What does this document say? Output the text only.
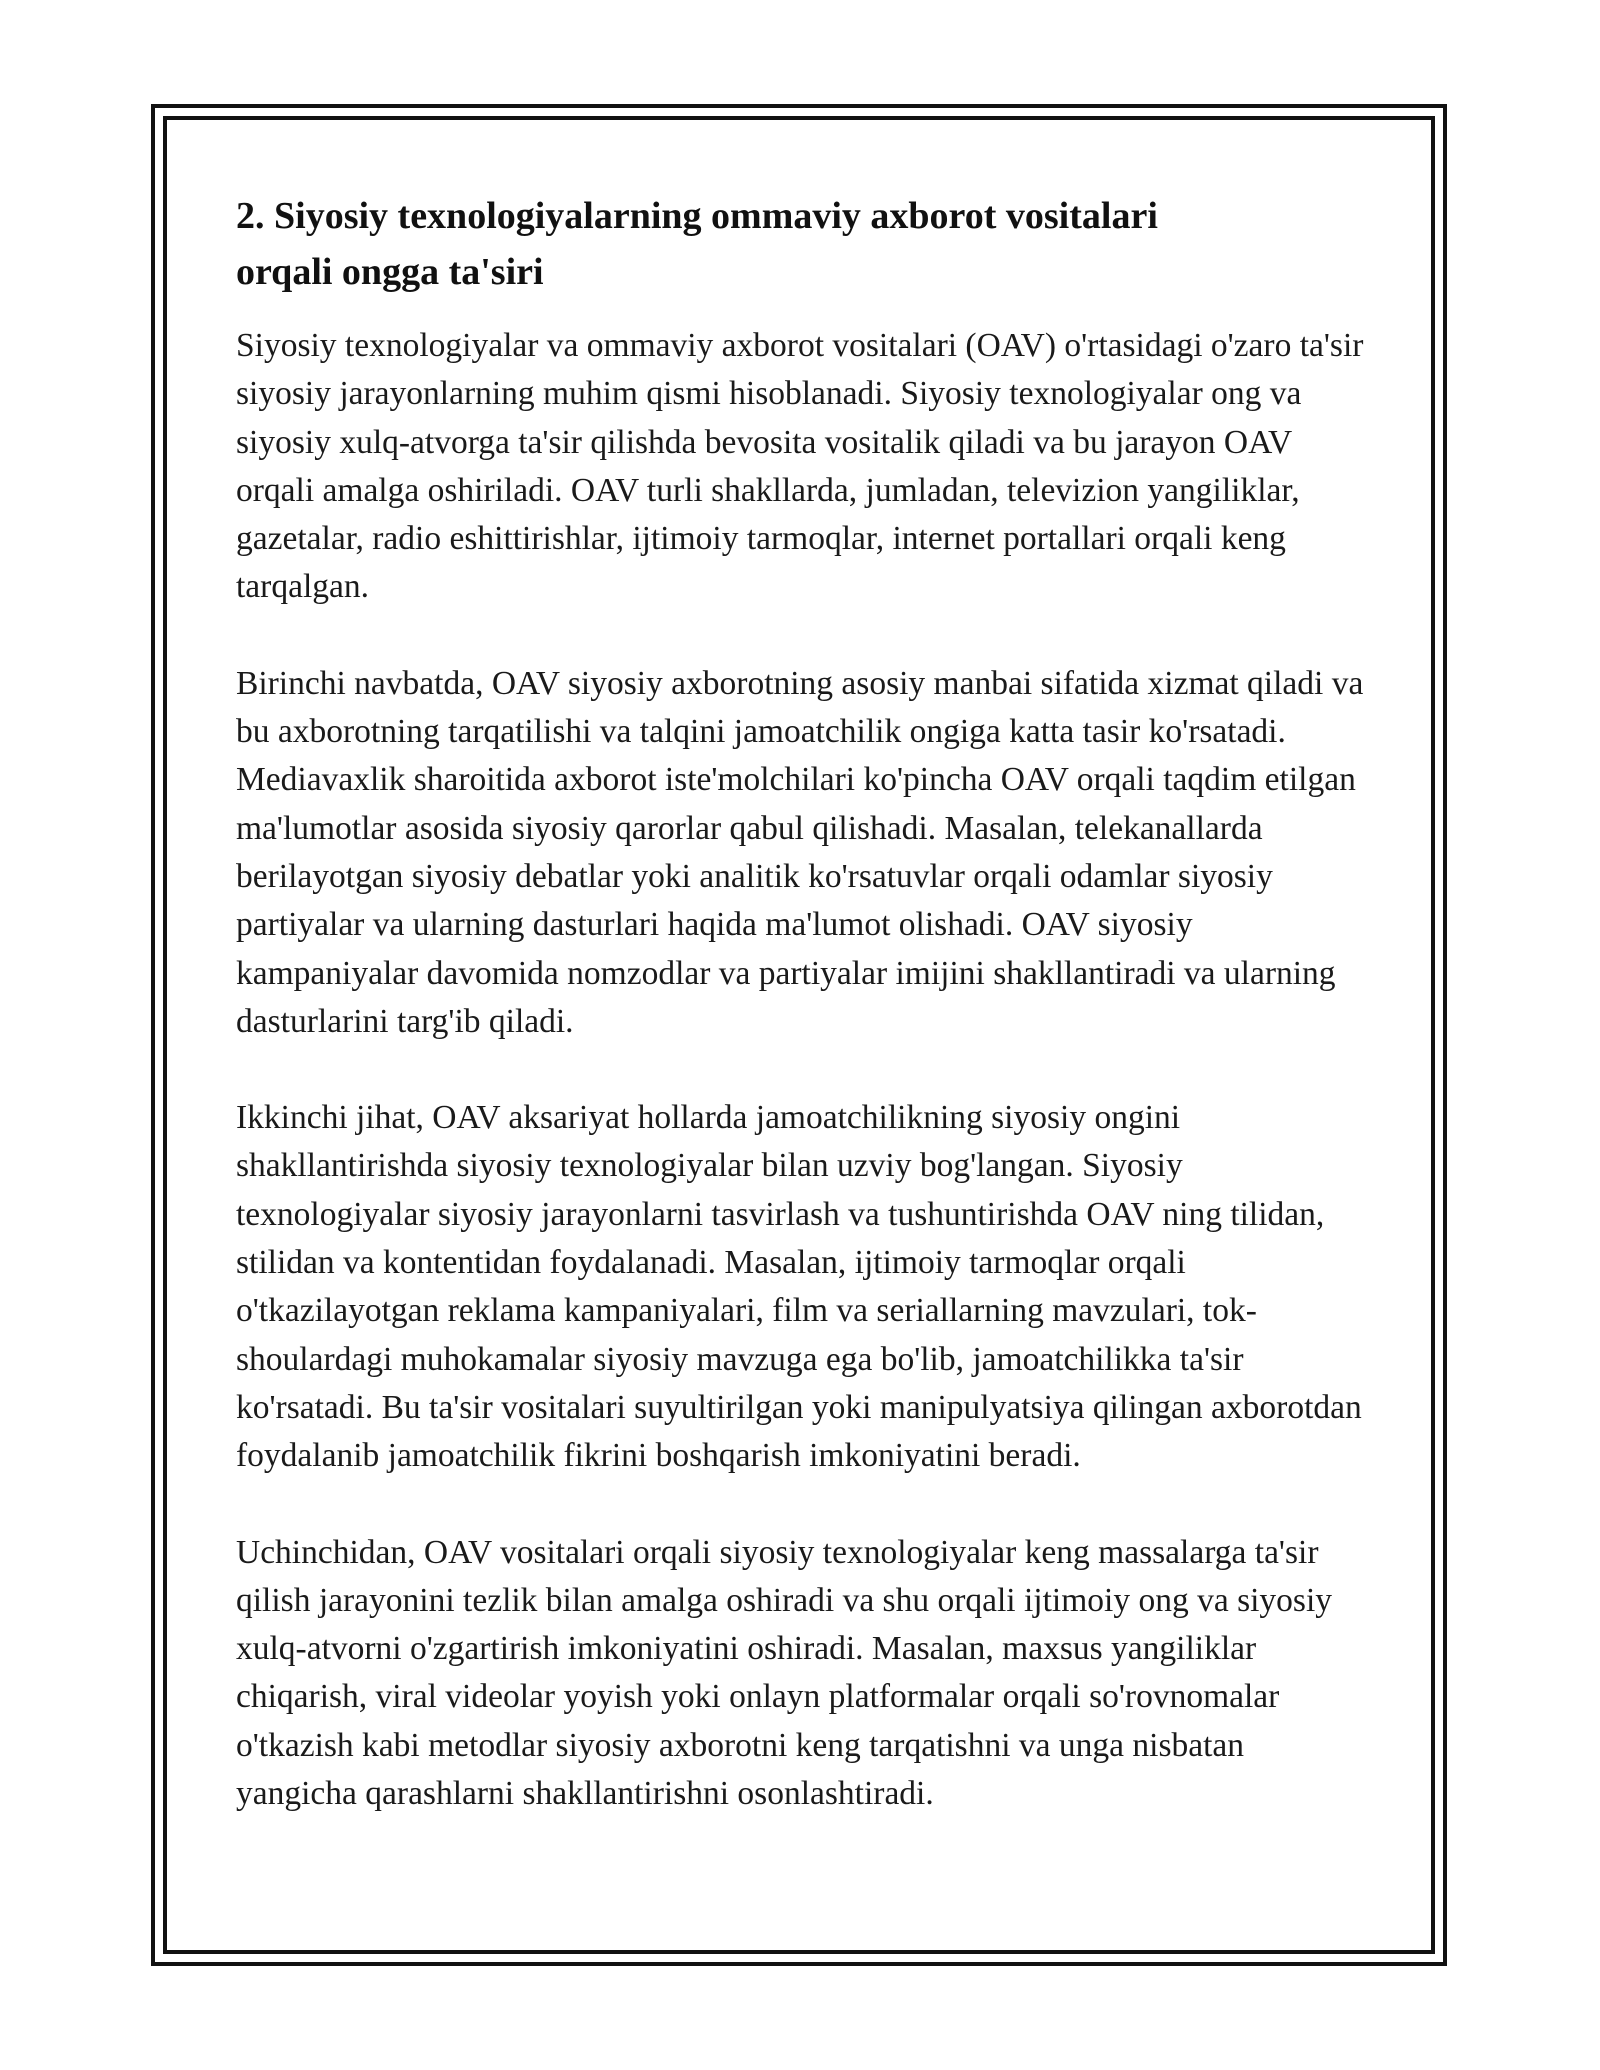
2. Siyosiy texnologiyalarning ommaviy axborot vositalari
orqali ongga ta'siri

Siyosiy texnologiyalar va ommaviy axborot vositalari (OAV) o'rtasidagi o'zaro ta'sir siyosiy jarayonlarning muhim qismi hisoblanadi. Siyosiy texnologiyalar ong va siyosiy xulq-atvorga ta'sir qilishda bevosita vositalik qiladi va bu jarayon OAV orqali amalga oshiriladi. OAV turli shakllarda, jumladan, televizion yangiliklar, gazetalar, radio eshittirishlar, ijtimoiy tarmoqlar, internet portallari orqali keng tarqalgan.

Birinchi navbatda, OAV siyosiy axborotning asosiy manbai sifatida xizmat qiladi va bu axborotning tarqatilishi va talqini jamoatchilik ongiga katta tasir ko'rsatadi. Mediavaxlik sharoitida axborot iste'molchilari ko'pincha OAV orqali taqdim etilgan ma'lumotlar asosida siyosiy qarorlar qabul qilishadi. Masalan, telekanallarda berilayotgan siyosiy debatlar yoki analitik ko'rsatuvlar orqali odamlar siyosiy partiyalar va ularning dasturlari haqida ma'lumot olishadi. OAV siyosiy kampaniyalar davomida nomzodlar va partiyalar imijini shakllantiradi va ularning dasturlarini targ'ib qiladi.

Ikkinchi jihat, OAV aksariyat hollarda jamoatchilikning siyosiy ongini shakllantirishda siyosiy texnologiyalar bilan uzviy bog'langan. Siyosiy texnologiyalar siyosiy jarayonlarni tasvirlash va tushuntirishda OAV ning tilidan, stilidan va kontentidan foydalanadi. Masalan, ijtimoiy tarmoqlar orqali o'tkazilayotgan reklama kampaniyalari, film va seriallarning mavzulari, tok-shoulardagi muhokamalar siyosiy mavzuga ega bo'lib, jamoatchilikka ta'sir ko'rsatadi. Bu ta'sir vositalari suyultirilgan yoki manipulyatsiya qilingan axborotdan foydalanib jamoatchilik fikrini boshqarish imkoniyatini beradi.

Uchinchidan, OAV vositalari orqali siyosiy texnologiyalar keng massalarga ta'sir qilish jarayonini tezlik bilan amalga oshiradi va shu orqali ijtimoiy ong va siyosiy xulq-atvorni o'zgartirish imkoniyatini oshiradi. Masalan, maxsus yangiliklar chiqarish, viral videolar yoyish yoki onlayn platformalar orqali so'rovnomalar o'tkazish kabi metodlar siyosiy axborotni keng tarqatishni va unga nisbatan yangicha qarashlarni shakllantirishni osonlashtiradi.
